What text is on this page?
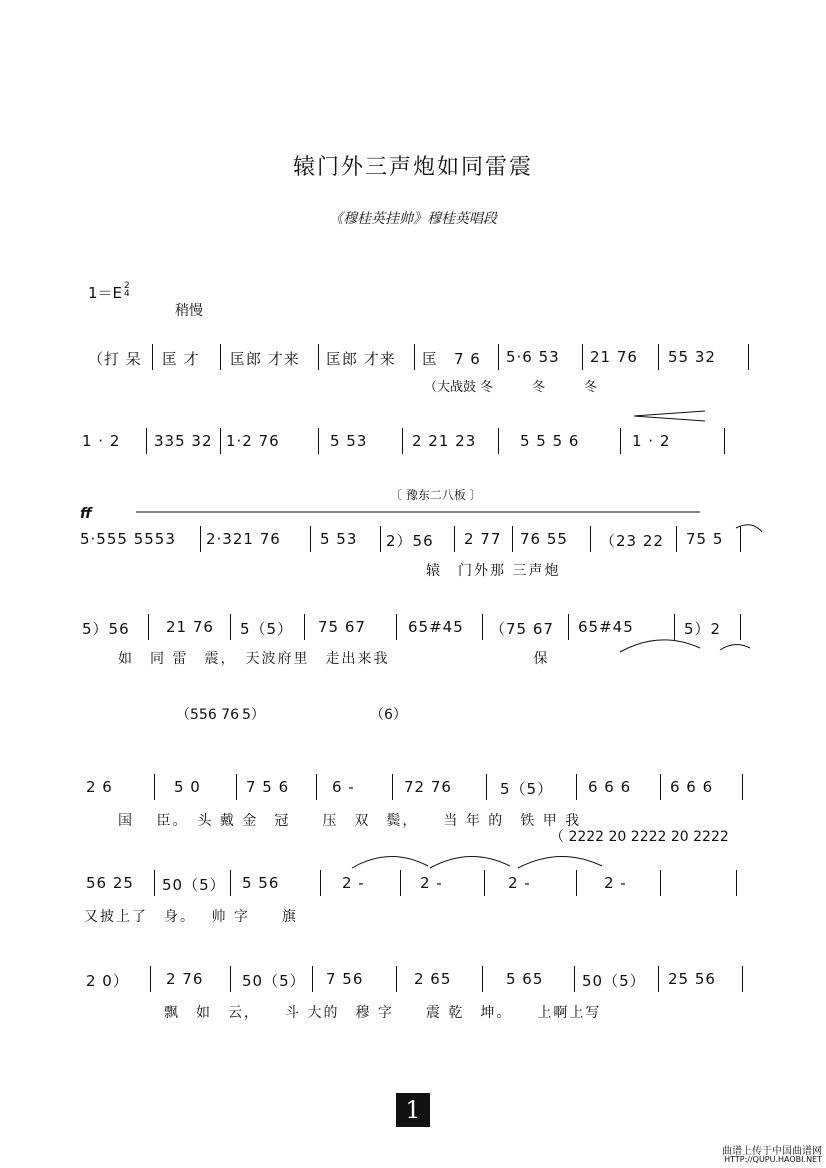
辕门外三声炮如同雷震
《穆桂英挂帅》穆桂英唱段
1＝E 2
4
稍慢
（打 呆 匡 才 匡郎 才来 匡郎 才来 匡　7 6 5·6 53 21 76 55 32
（大战鼓 冬　　　冬　　　冬
1 · 2 335 32 1·2 76	5 53	2 21 23	5 5 5 6	1 · 2
ff
〔 豫东二八板 〕
5·555 5553 2·321 76	5 53 2）56 2 77 76 55 （23 22 75 5
辕　门外那 三声炮
5）56 21 76 5（5） 75 67	65#45 （75 67 65#45	5）2
如　同 雷　震，　天波府里　走出来我　　　　　　　　　保
（556 76 5）	（6）
2 6	5 0	7 5 6	6 -	72 76	5（5） 6 6 6	6 6 6
国　 臣。　头 戴 金　冠　　压　双　鬓，　　当 年 的　铁 甲 我
（ 2222 20 2222 20 2222
56 25 50（5） 5 56	2 -	2 -	2 -	2 -
又披上了　身。　 帅 字　　旗
2 0） 2 76	50（5） 7 56	2 65	5 65	50（5） 25 56
飘　如　云，　　斗 大的　穆 字　　震 乾　坤。　　上啊上写
1
曲谱上传于中国曲谱网
HTTP://QUPU.HAOBI.NET
